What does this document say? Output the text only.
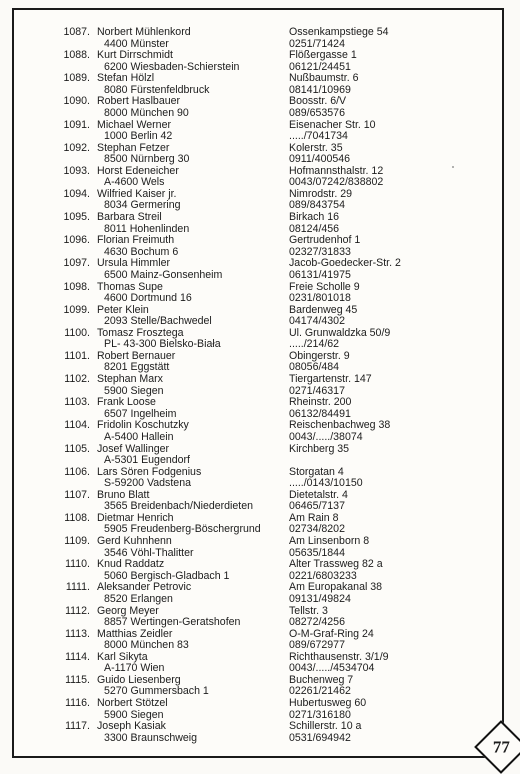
1087. Norbert Mühlenkord
4400 Münster
Ossenkampstiege 54
0251/71424
1088. Kurt Dirrschmidt
6200 Wiesbaden-Schierstein
Flößergasse 1
06121/24451
1089. Stefan Hölzl
8080 Fürstenfeldbruck
Nußbaumstr. 6
08141/10969
1090. Robert Haslbauer
8000 München 90
Boosstr. 6/V
089/653576
1091. Michael Werner
1000 Berlin 42
Eisenacher Str. 10
...../7041734
1092. Stephan Fetzer
8500 Nürnberg 30
Kolerstr. 35
0911/400546
1093. Horst Edeneicher
A-4600 Wels
Hofmannsthalstr. 12
0043/07242/838802
1094. Wilfried Kaiser jr.
8034 Germering
Nimrodstr. 29
089/843754
1095. Barbara Streil
8011 Hohenlinden
Birkach 16
08124/456
1096. Florian Freimuth
4630 Bochum 6
Gertrudenhof 1
02327/31833
1097. Ursula Himmler
6500 Mainz-Gonsenheim
Jacob-Goedecker-Str. 2
06131/41975
1098. Thomas Supe
4600 Dortmund 16
Freie Scholle 9
0231/801018
1099. Peter Klein
2093 Stelle/Bachwedel
Bardenweg 45
04174/4302
1100. Tomasz Frosztega
PL- 43-300 Bielsko-Biała
Ul. Grunwaldzka 50/9
...../214/62
1101. Robert Bernauer
8201 Eggstätt
Obingerstr. 9
08056/484
1102. Stephan Marx
5900 Siegen
Tiergartenstr. 147
0271/46317
1103. Frank Loose
6507 Ingelheim
Rheinstr. 200
06132/84491
1104. Fridolin Koschutzky
A-5400 Hallein
Reischenbachweg 38
0043/...../38074
1105. Josef Wallinger
A-5301 Eugendorf
Kirchberg 35
1106. Lars Sören Fodgenius
S-59200 Vadstena
Storgatan 4
...../0143/10150
1107. Bruno Blatt
3565 Breidenbach/Niederdieten
Dietetalstr. 4
06465/7137
1108. Dietmar Henrich
5905 Freudenberg-Böschergrund
Am Rain 8
02734/8202
1109. Gerd Kuhnhenn
3546 Vöhl-Thalitter
Am Linsenborn 8
05635/1844
1110. Knud Raddatz
5060 Bergisch-Gladbach 1
Alter Trassweg 82 a
0221/6803233
1111. Aleksander Petrovic
8520 Erlangen
Am Europakanal 38
09131/49824
1112. Georg Meyer
8857 Wertingen-Geratshofen
Tellstr. 3
08272/4256
1113. Matthias Zeidler
8000 München 83
O-M-Graf-Ring 24
089/672977
1114. Karl Sikyta
A-1170 Wien
Richthausenstr. 3/1/9
0043/...../4534704
1115. Guido Liesenberg
5270 Gummersbach 1
Buchenweg 7
02261/21462
1116. Norbert Stötzel
5900 Siegen
Hubertusweg 60
0271/316180
1117. Joseph Kasiak
3300 Braunschweig
Schillerstr. 10 a
0531/694942	77
